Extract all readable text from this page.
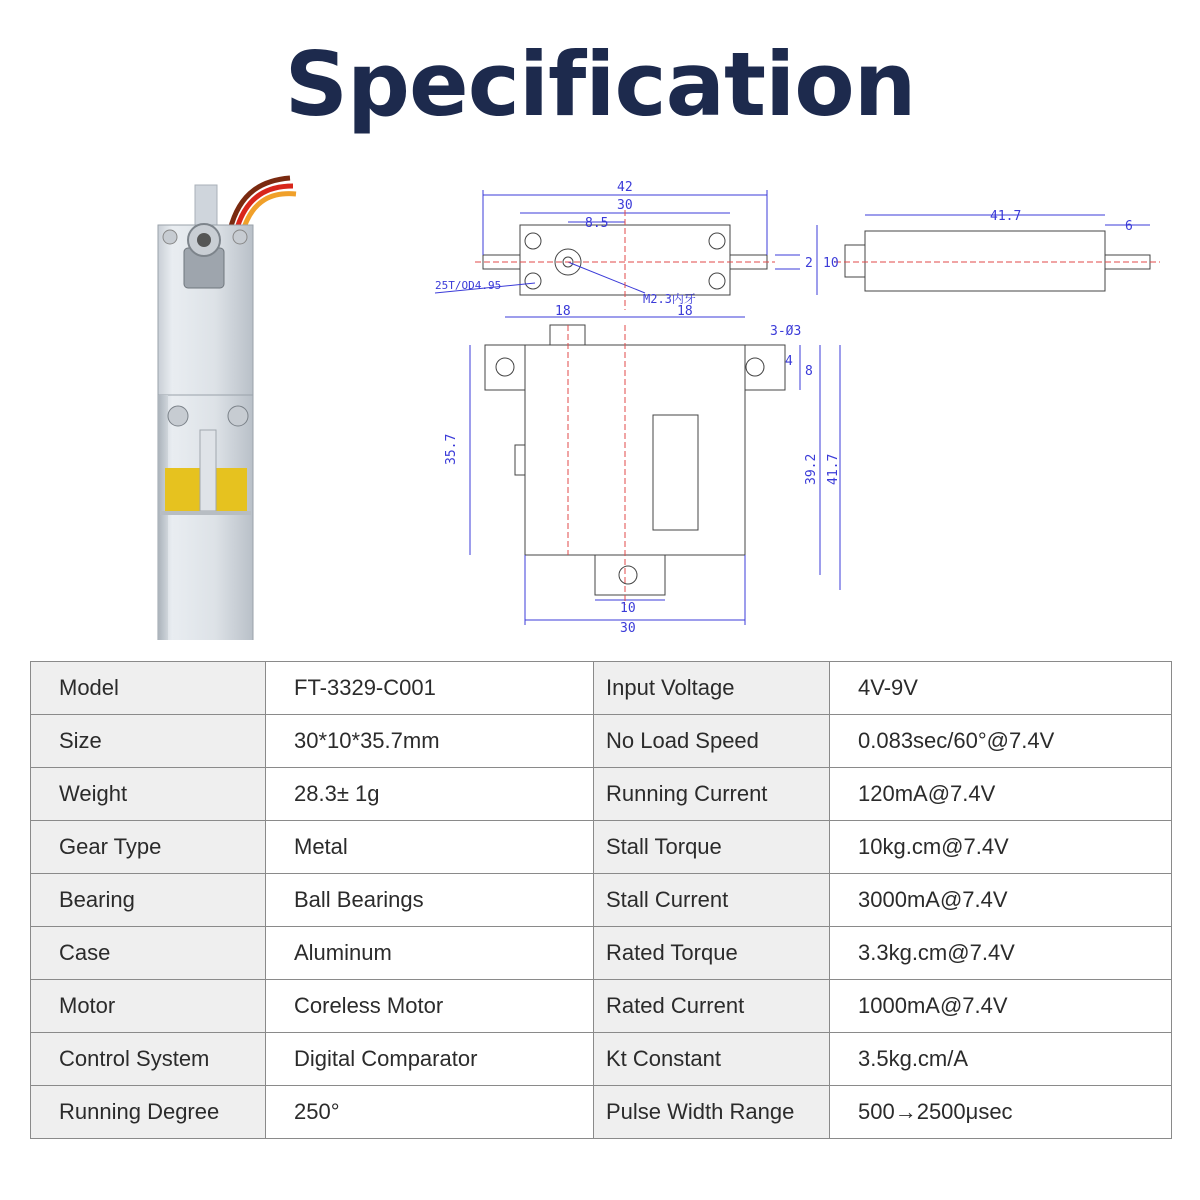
Specification
42
30
8.5
2 10
25T/OD4.95
M2.3内牙
41.7
6
18	18
3-Ø3
4
8
35.7
39.2 41.7
10
30
Model	FT-3329-C001	Input Voltage	4V-9V
Size	30*10*35.7mm	No Load Speed	0.083sec/60°@7.4V
Weight	28.3± 1g	Running Current	120mA@7.4V
Gear Type	Metal	Stall Torque	10kg.cm@7.4V
Bearing	Ball Bearings	Stall Current	3000mA@7.4V
Case	Aluminum	Rated Torque	3.3kg.cm@7.4V
Motor	Coreless Motor	Rated Current	1000mA@7.4V
Control System	Digital Comparator	Kt Constant	3.5kg.cm/A
Running Degree	250°	Pulse Width Range	500→2500μsec
